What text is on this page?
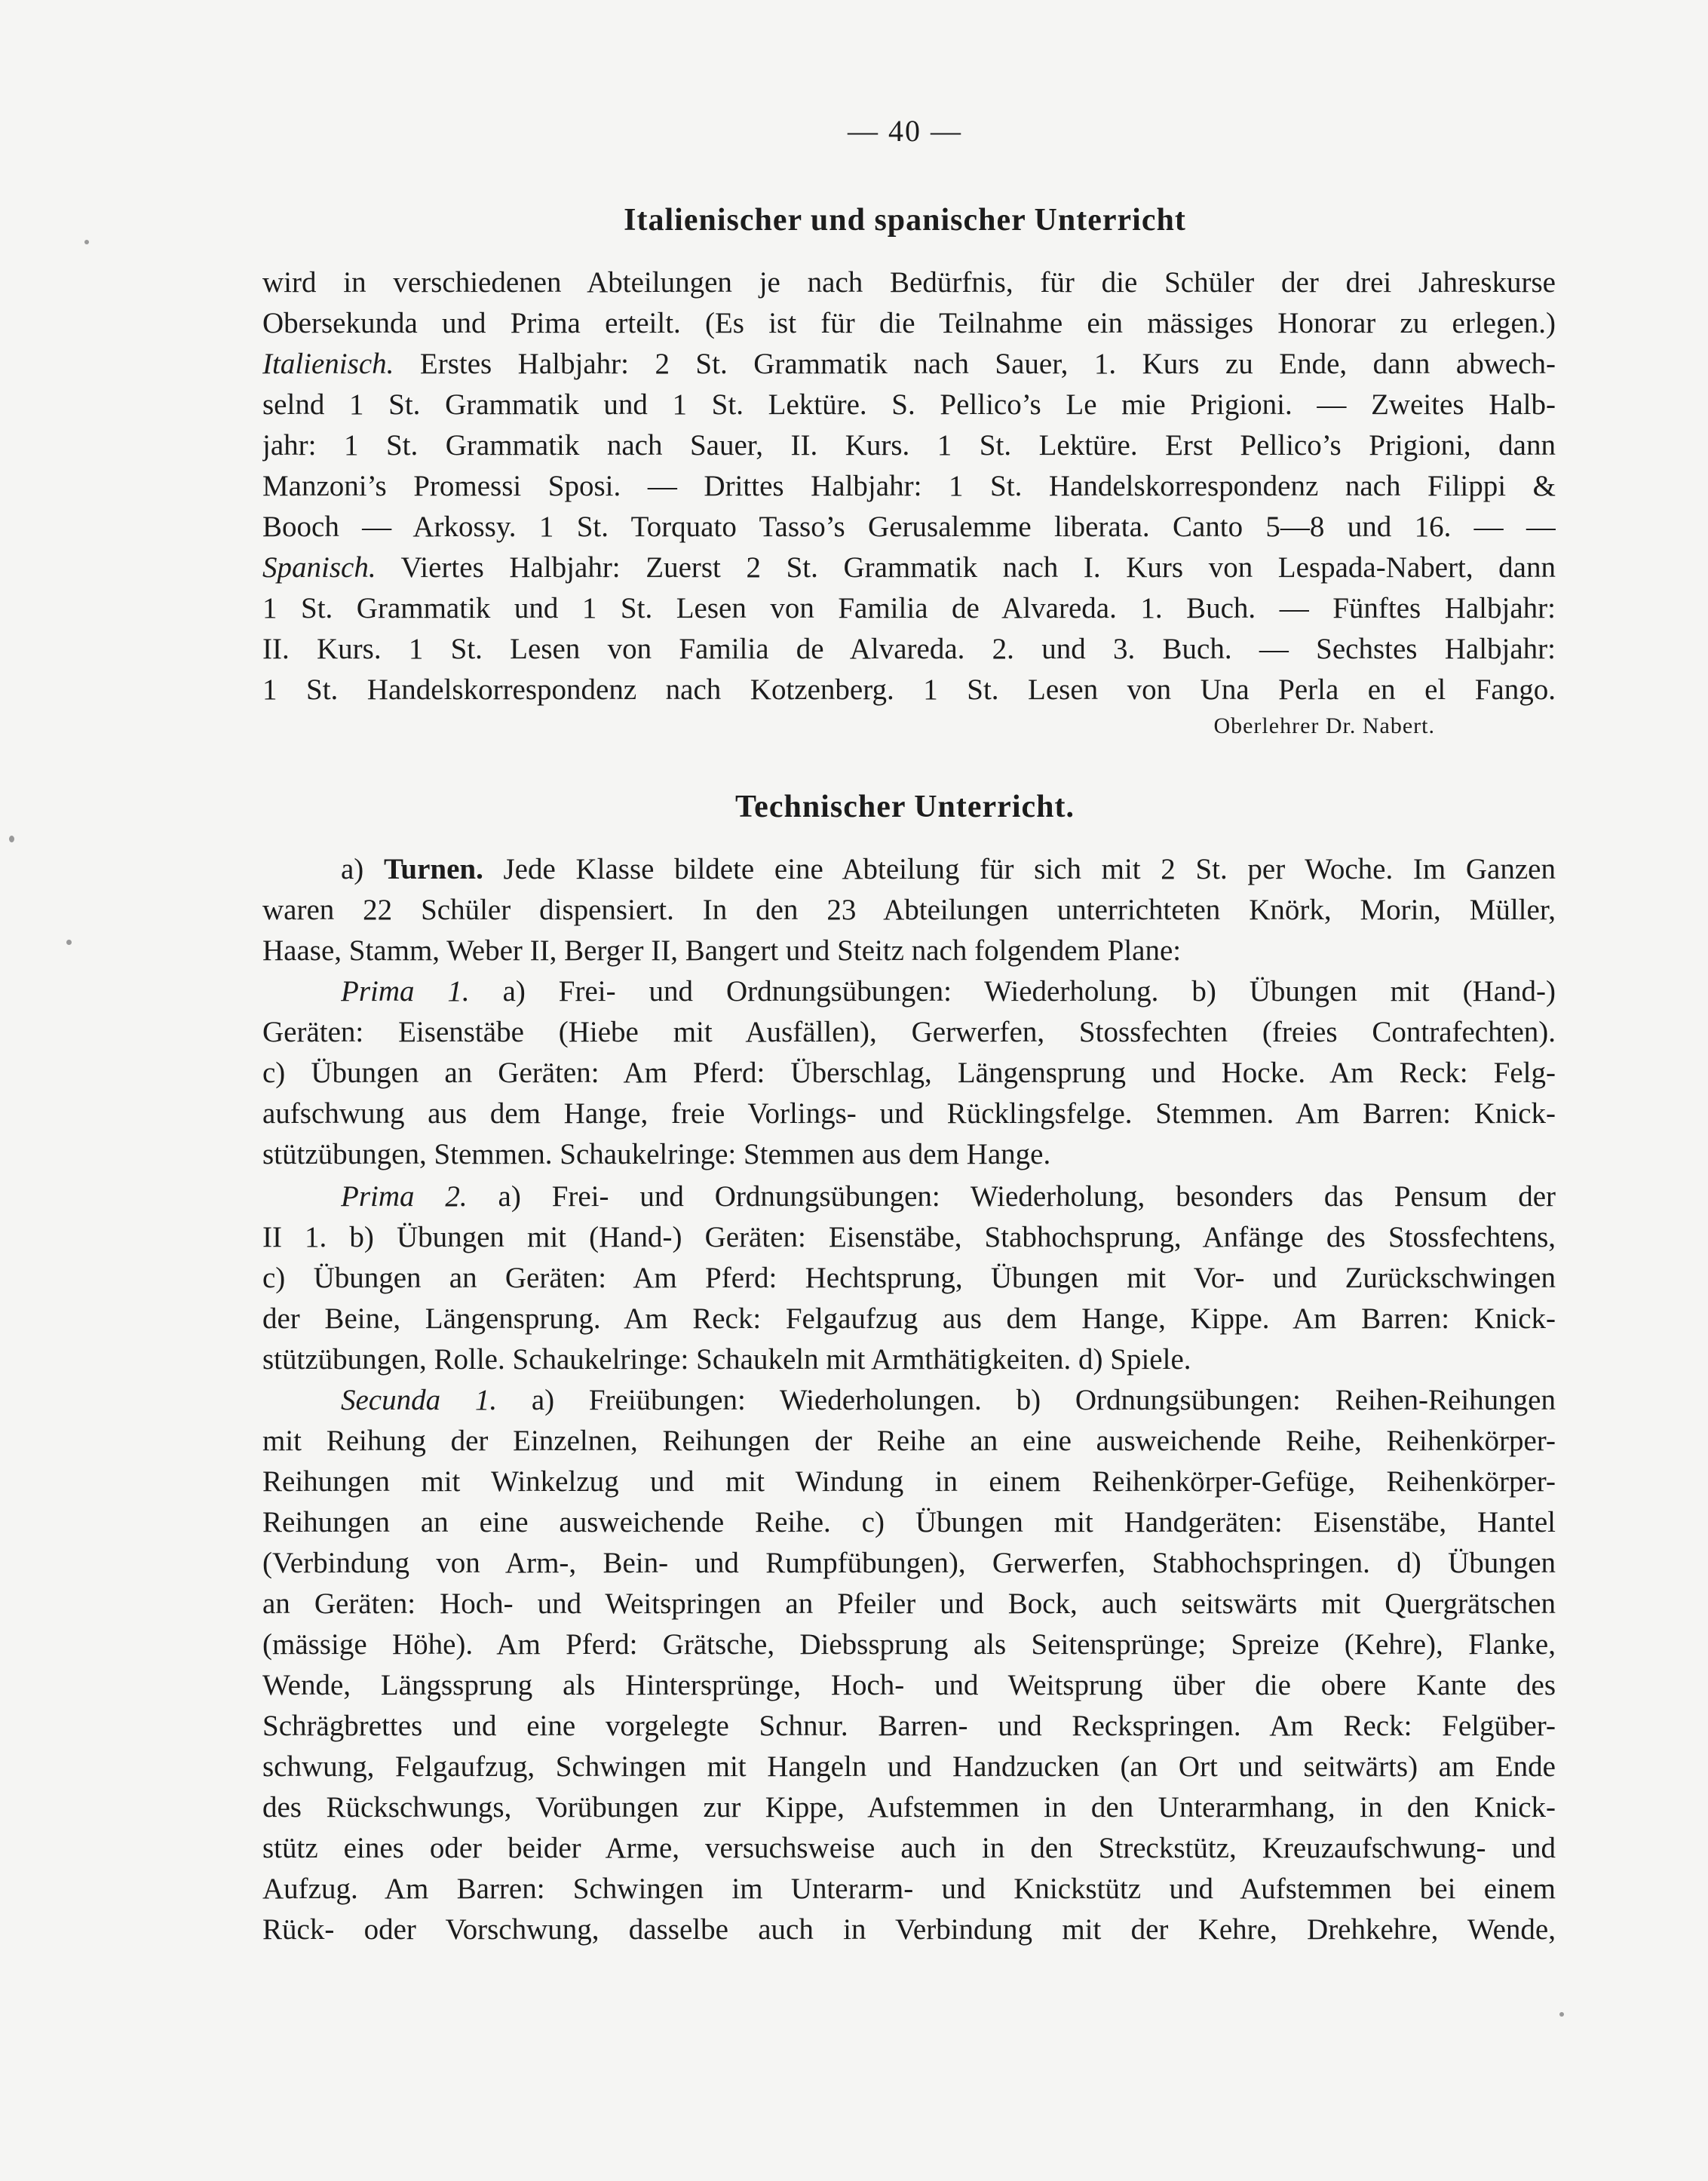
— 40 —
Italienischer und spanischer Unterricht
wird in verschiedenen Abteilungen je nach Bedürfnis, für die Schüler der drei Jahreskurse
Obersekunda und Prima erteilt. (Es ist für die Teilnahme ein mässiges Honorar zu erlegen.)
Italienisch. Erstes Halbjahr: 2 St. Grammatik nach Sauer, 1. Kurs zu Ende, dann abwech-
selnd 1 St. Grammatik und 1 St. Lektüre. S. Pellico’s Le mie Prigioni. — Zweites Halb-
jahr: 1 St. Grammatik nach Sauer, II. Kurs. 1 St. Lektüre. Erst Pellico’s Prigioni, dann
Manzoni’s Promessi Sposi. — Drittes Halbjahr: 1 St. Handelskorrespondenz nach Filippi &
Booch — Arkossy. 1 St. Torquato Tasso’s Gerusalemme liberata. Canto 5—8 und 16. — —
Spanisch. Viertes Halbjahr: Zuerst 2 St. Grammatik nach I. Kurs von Lespada-Nabert, dann
1 St. Grammatik und 1 St. Lesen von Familia de Alvareda. 1. Buch. — Fünftes Halbjahr:
II. Kurs. 1 St. Lesen von Familia de Alvareda. 2. und 3. Buch. — Sechstes Halbjahr:
1 St. Handelskorrespondenz nach Kotzenberg. 1 St. Lesen von Una Perla en el Fango.
Oberlehrer Dr. Nabert.
Technischer Unterricht.
a) Turnen. Jede Klasse bildete eine Abteilung für sich mit 2 St. per Woche. Im Ganzen
waren 22 Schüler dispensiert. In den 23 Abteilungen unterrichteten Knörk, Morin, Müller,
Haase, Stamm, Weber II, Berger II, Bangert und Steitz nach folgendem Plane:
Prima 1. a) Frei- und Ordnungsübungen: Wiederholung. b) Übungen mit (Hand-)
Geräten: Eisenstäbe (Hiebe mit Ausfällen), Gerwerfen, Stossfechten (freies Contrafechten).
c) Übungen an Geräten: Am Pferd: Überschlag, Längensprung und Hocke. Am Reck: Felg-
aufschwung aus dem Hange, freie Vorlings- und Rücklingsfelge. Stemmen. Am Barren: Knick-
stützübungen, Stemmen. Schaukelringe: Stemmen aus dem Hange.
Prima 2. a) Frei- und Ordnungsübungen: Wiederholung, besonders das Pensum der
II 1. b) Übungen mit (Hand-) Geräten: Eisenstäbe, Stabhochsprung, Anfänge des Stossfechtens,
c) Übungen an Geräten: Am Pferd: Hechtsprung, Übungen mit Vor- und Zurückschwingen
der Beine, Längensprung. Am Reck: Felgaufzug aus dem Hange, Kippe. Am Barren: Knick-
stützübungen, Rolle. Schaukelringe: Schaukeln mit Armthätigkeiten. d) Spiele.
Secunda 1. a) Freiübungen: Wiederholungen. b) Ordnungsübungen: Reihen-Reihungen
mit Reihung der Einzelnen, Reihungen der Reihe an eine ausweichende Reihe, Reihenkörper-
Reihungen mit Winkelzug und mit Windung in einem Reihenkörper-Gefüge, Reihenkörper-
Reihungen an eine ausweichende Reihe. c) Übungen mit Handgeräten: Eisenstäbe, Hantel
(Verbindung von Arm-, Bein- und Rumpfübungen), Gerwerfen, Stabhochspringen. d) Übungen
an Geräten: Hoch- und Weitspringen an Pfeiler und Bock, auch seitswärts mit Quergrätschen
(mässige Höhe). Am Pferd: Grätsche, Diebssprung als Seitensprünge; Spreize (Kehre), Flanke,
Wende, Längssprung als Hintersprünge, Hoch- und Weitsprung über die obere Kante des
Schrägbrettes und eine vorgelegte Schnur. Barren- und Reckspringen. Am Reck: Felgüber-
schwung, Felgaufzug, Schwingen mit Hangeln und Handzucken (an Ort und seitwärts) am Ende
des Rückschwungs, Vorübungen zur Kippe, Aufstemmen in den Unterarmhang, in den Knick-
stütz eines oder beider Arme, versuchsweise auch in den Streckstütz, Kreuzaufschwung- und
Aufzug. Am Barren: Schwingen im Unterarm- und Knickstütz und Aufstemmen bei einem
Rück- oder Vorschwung, dasselbe auch in Verbindung mit der Kehre, Drehkehre, Wende,
